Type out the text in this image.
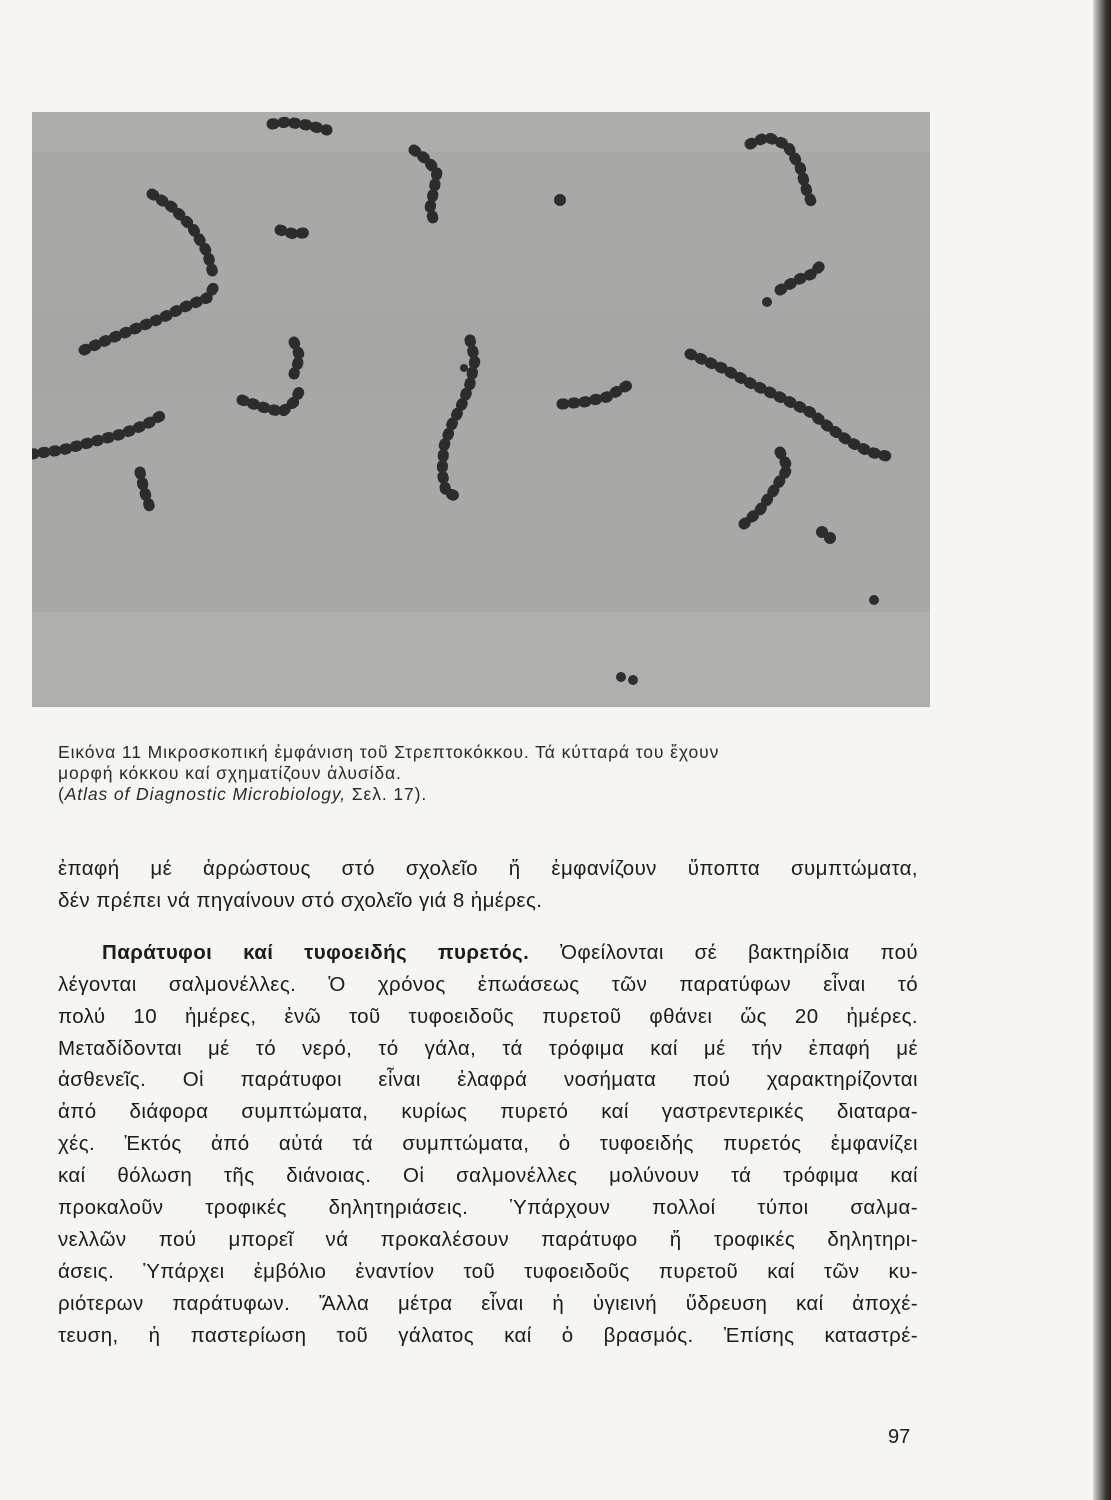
Εικόνα 11 Μικροσκοπική ἐμφάνιση τοῦ Στρεπτοκόκκου. Τά κύτταρά του ἔχουν
μορφή κόκκου καί σχηματίζουν ἁλυσίδα.
(Atlas of Diagnostic Microbiology, Σελ. 17).
ἐπαφή μέ ἀρρώστους στό σχολεῖο ἤ ἐμφανίζουν ὕποπτα συμπτώματα,
δέν πρέπει νά πηγαίνουν στό σχολεῖο γιά 8 ἡμέρες.
Παράτυφοι καί τυφοειδής πυρετός. Ὀφείλονται σέ βακτηρίδια πού
λέγονται σαλμονέλλες. Ὁ χρόνος ἐπωάσεως τῶν παρατύφων εἶναι τό
πολύ 10 ἡμέρες, ἐνῶ τοῦ τυφοειδοῦς πυρετοῦ φθάνει ὥς 20 ἡμέρες.
Μεταδίδονται μέ τό νερό, τό γάλα, τά τρόφιμα καί μέ τήν ἐπαφή μέ
ἀσθενεῖς. Οἱ παράτυφοι εἶναι ἐλαφρά νοσήματα πού χαρακτηρίζονται
ἀπό διάφορα συμπτώματα, κυρίως πυρετό καί γαστρεντερικές διαταρα-
χές. Ἐκτός ἀπό αὐτά τά συμπτώματα, ὁ τυφοειδής πυρετός ἐμφανίζει
καί θόλωση τῆς διάνοιας. Οἱ σαλμονέλλες μολύνουν τά τρόφιμα καί
προκαλοῦν τροφικές δηλητηριάσεις. Ὑπάρχουν πολλοί τύποι σαλμα-
νελλῶν πού μπορεῖ νά προκαλέσουν παράτυφο ἤ τροφικές δηλητηρι-
άσεις. Ὑπάρχει ἐμβόλιο ἐναντίον τοῦ τυφοειδοῦς πυρετοῦ καί τῶν κυ-
ριότερων παράτυφων. Ἄλλα μέτρα εἶναι ἡ ὑγιεινή ὕδρευση καί ἀποχέ-
τευση, ἡ παστερίωση τοῦ γάλατος καί ὁ βρασμός. Ἐπίσης καταστρέ-
97
